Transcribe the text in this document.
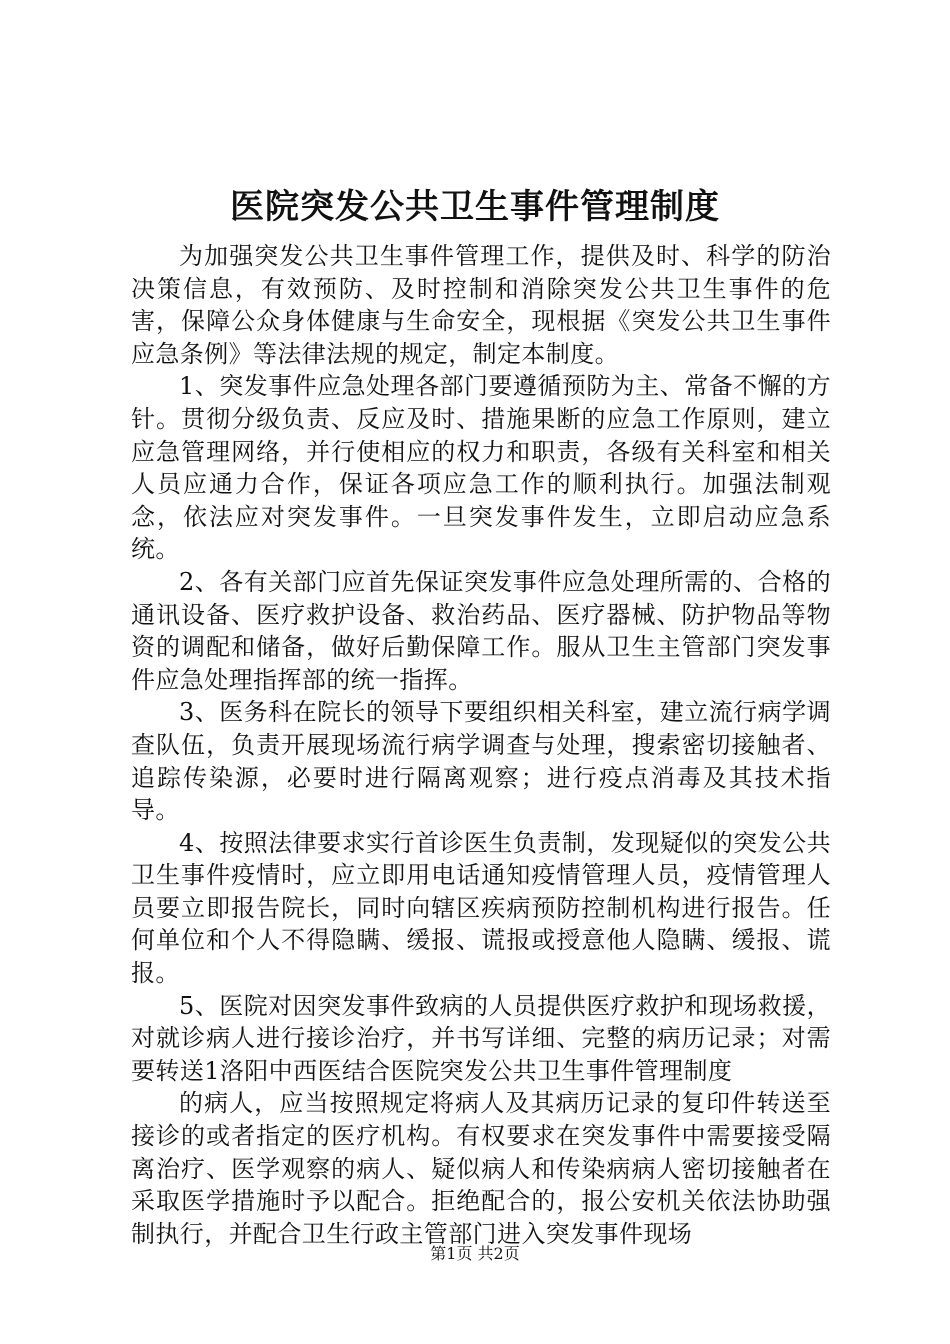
医院突发公共卫生事件管理制度

为加强突发公共卫生事件管理工作，提供及时、科学的防治决策信息，有效预防、及时控制和消除突发公共卫生事件的危害，保障公众身体健康与生命安全，现根据《突发公共卫生事件应急条例》等法律法规的规定，制定本制度。

1、突发事件应急处理各部门要遵循预防为主、常备不懈的方针。贯彻分级负责、反应及时、措施果断的应急工作原则，建立应急管理网络，并行使相应的权力和职责，各级有关科室和相关人员应通力合作，保证各项应急工作的顺利执行。加强法制观念，依法应对突发事件。一旦突发事件发生，立即启动应急系统。

2、各有关部门应首先保证突发事件应急处理所需的、合格的通讯设备、医疗救护设备、救治药品、医疗器械、防护物品等物资的调配和储备，做好后勤保障工作。服从卫生主管部门突发事件应急处理指挥部的统一指挥。

3、医务科在院长的领导下要组织相关科室，建立流行病学调查队伍，负责开展现场流行病学调查与处理，搜索密切接触者、追踪传染源，必要时进行隔离观察；进行疫点消毒及其技术指导。

4、按照法律要求实行首诊医生负责制，发现疑似的突发公共卫生事件疫情时，应立即用电话通知疫情管理人员，疫情管理人员要立即报告院长，同时向辖区疾病预防控制机构进行报告。任何单位和个人不得隐瞒、缓报、谎报或授意他人隐瞒、缓报、谎报。

5、医院对因突发事件致病的人员提供医疗救护和现场救援，对就诊病人进行接诊治疗，并书写详细、完整的病历记录；对需要转送1洛阳中西医结合医院突发公共卫生事件管理制度

的病人，应当按照规定将病人及其病历记录的复印件转送至接诊的或者指定的医疗机构。有权要求在突发事件中需要接受隔离治疗、医学观察的病人、疑似病人和传染病病人密切接触者在采取医学措施时予以配合。拒绝配合的，报公安机关依法协助强制执行，并配合卫生行政主管部门进入突发事件现场

第1页 共2页
